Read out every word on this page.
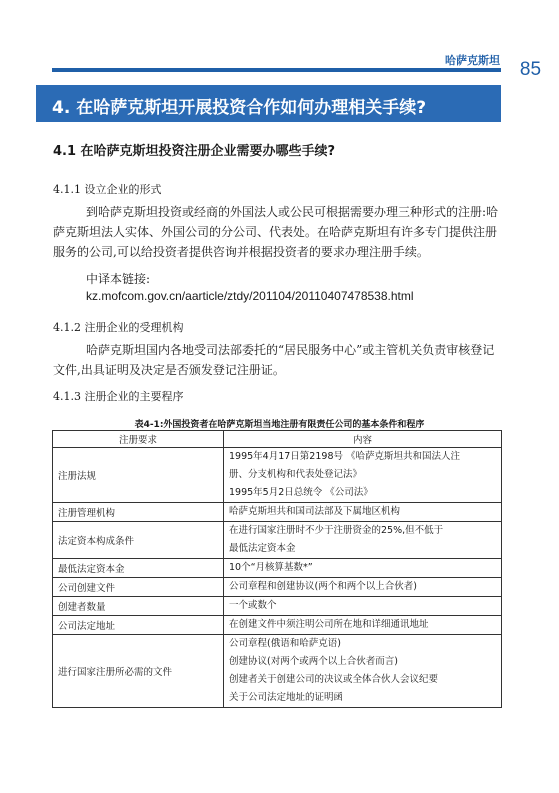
哈萨克斯坦	85
4. 在哈萨克斯坦开展投资合作如何办理相关手续?
4.1 在哈萨克斯坦投资注册企业需要办哪些手续?
4.1.1 设立企业的形式
到哈萨克斯坦投资或经商的外国法人或公民可根据需要办理三种形式的注册:哈萨克斯坦法人实体、外国公司的分公司、代表处。在哈萨克斯坦有许多专门提供注册服务的公司,可以给投资者提供咨询并根据投资者的要求办理注册手续。
中译本链接:
kz.mofcom.gov.cn/aarticle/ztdy/201104/20110407478538.html
4.1.2 注册企业的受理机构
哈萨克斯坦国内各地受司法部委托的“居民服务中心”或主管机关负责审核登记文件,出具证明及决定是否颁发登记注册证。
4.1.3 注册企业的主要程序
表4-1:外国投资者在哈萨克斯坦当地注册有限责任公司的基本条件和程序
注册要求	内容
注册法规	1995年4月17日第2198号 《哈萨克斯坦共和国法人注
册、分支机构和代表处登记法》
1995年5月2日总统令 《公司法》

注册管理机构	哈萨克斯坦共和国司法部及下属地区机构

法定资本构成条件	在进行国家注册时不少于注册资金的25%,但不低于
最低法定资本金

最低法定资本金	10个“月核算基数*”

公司创建文件	公司章程和创建协议(两个和两个以上合伙者)

创建者数量	一个或数个

公司法定地址	在创建文件中须注明公司所在地和详细通讯地址

进行国家注册所必需的文件	公司章程(俄语和哈萨克语)
创建协议(对两个或两个以上合伙者而言)
创建者关于创建公司的决议或全体合伙人会议纪要
关于公司法定地址的证明函
